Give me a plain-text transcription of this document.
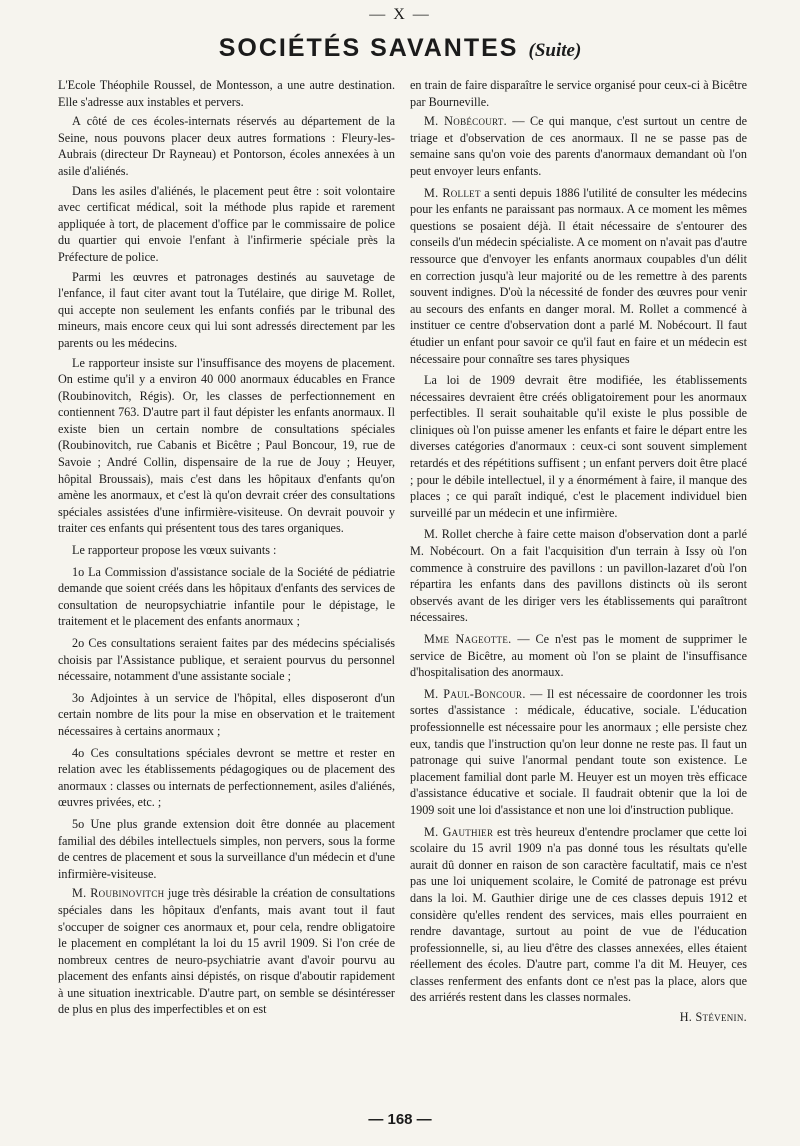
— X —
SOCIÉTÉS SAVANTES (Suite)

L'Ecole Théophile Roussel, de Montesson, a une autre destination. Elle s'adresse aux instables et pervers.

A côté de ces écoles-internats réservés au département de la Seine, nous pouvons placer deux autres formations : Fleury-les-Aubrais (directeur Dr Rayneau) et Pontorson, écoles annexées à un asile d'aliénés.

Dans les asiles d'aliénés, le placement peut être : soit volontaire avec certificat médical, soit la méthode plus rapide et rarement appliquée à tort, de placement d'office par le commissaire de police du quartier qui envoie l'enfant à l'infirmerie spéciale près la Préfecture de police.

Parmi les œuvres et patronages destinés au sauvetage de l'enfance, il faut citer avant tout la Tutélaire, que dirige M. Rollet, qui accepte non seulement les enfants confiés par le tribunal des mineurs, mais encore ceux qui lui sont adressés directement par les parents ou les médecins.

Le rapporteur insiste sur l'insuffisance des moyens de placement. On estime qu'il y a environ 40 000 anormaux éducables en France (Roubinovitch, Régis). Or, les classes de perfectionnement en contiennent 763. D'autre part il faut dépister les enfants anormaux. Il existe bien un certain nombre de consultations spéciales (Roubinovitch, rue Cabanis et Bicêtre ; Paul Boncour, 19, rue de Savoie ; André Collin, dispensaire de la rue de Jouy ; Heuyer, hôpital Broussais), mais c'est dans les hôpitaux d'enfants qu'on amène les anormaux, et c'est là qu'on devrait créer des consultations spéciales assistées d'une infirmière-visiteuse. On devrait pouvoir y traiter ces enfants qui présentent tous des tares organiques.

Le rapporteur propose les vœux suivants :

1o La Commission d'assistance sociale de la Société de pédiatrie demande que soient créés dans les hôpitaux d'enfants des services de consultation de neuropsychiatrie infantile pour le dépistage, le traitement et le placement des enfants anormaux ;

2o Ces consultations seraient faites par des médecins spécialisés choisis par l'Assistance publique, et seraient pourvus du personnel nécessaire, notamment d'une assistante sociale ;

3o Adjointes à un service de l'hôpital, elles disposeront d'un certain nombre de lits pour la mise en observation et le traitement nécessaires à certains anormaux ;

4o Ces consultations spéciales devront se mettre et rester en relation avec les établissements pédagogiques ou de placement des anormaux : classes ou internats de perfectionnement, asiles d'aliénés, œuvres privées, etc. ;

5o Une plus grande extension doit être donnée au placement familial des débiles intellectuels simples, non pervers, sous la forme de centres de placement et sous la surveillance d'un médecin et d'une infirmière-visiteuse.

M. Roubinovitch juge très désirable la création de consultations spéciales dans les hôpitaux d'enfants, mais avant tout il faut s'occuper de soigner ces anormaux et, pour cela, rendre obligatoire le placement en complétant la loi du 15 avril 1909. Si l'on crée de nombreux centres de neuro-psychiatrie avant d'avoir pourvu au placement des enfants ainsi dépistés, on risque d'aboutir rapidement à une situation inextricable. D'autre part, on semble se désintéresser de plus en plus des imperfectibles et on est

en train de faire disparaître le service organisé pour ceux-ci à Bicêtre par Bourneville.

M. Nobécourt. — Ce qui manque, c'est surtout un centre de triage et d'observation de ces anormaux. Il ne se passe pas de semaine sans qu'on voie des parents d'anormaux demandant où l'on peut envoyer leurs enfants.

M. Rollet a senti depuis 1886 l'utilité de consulter les médecins pour les enfants ne paraissant pas normaux. A ce moment les mêmes questions se posaient déjà. Il était nécessaire de s'entourer des conseils d'un médecin spécialiste. A ce moment on n'avait pas d'autre ressource que d'envoyer les enfants anormaux coupables d'un délit en correction jusqu'à leur majorité ou de les remettre à des parents souvent indignes. D'où la nécessité de fonder des œuvres pour venir au secours des enfants en danger moral. M. Rollet a commencé à instituer ce centre d'observation dont a parlé M. Nobécourt. Il faut étudier un enfant pour savoir ce qu'il faut en faire et un médecin est nécessaire pour connaître ses tares physiques

La loi de 1909 devrait être modifiée, les établissements nécessaires devraient être créés obligatoirement pour les anormaux perfectibles. Il serait souhaitable qu'il existe le plus possible de cliniques où l'on puisse amener les enfants et faire le départ entre les diverses catégories d'anormaux : ceux-ci sont souvent simplement retardés et des répétitions suffisent ; un enfant pervers doit être placé ; pour le débile intellectuel, il y a énormément à faire, il manque des places ; ce qui paraît indiqué, c'est le placement individuel bien surveillé par un médecin et une infirmière.

M. Rollet cherche à faire cette maison d'observation dont a parlé M. Nobécourt. On a fait l'acquisition d'un terrain à Issy où l'on commence à construire des pavillons : un pavillon-lazaret d'où l'on répartira les enfants dans des pavillons distincts où ils seront observés avant de les diriger vers les établissements qui paraîtront nécessaires.

Mme Nageotte. — Ce n'est pas le moment de supprimer le service de Bicêtre, au moment où l'on se plaint de l'insuffisance d'hospitalisation des anormaux.

M. Paul-Boncour. — Il est nécessaire de coordonner les trois sortes d'assistance : médicale, éducative, sociale. L'éducation professionnelle est nécessaire pour les anormaux ; elle persiste chez eux, tandis que l'instruction qu'on leur donne ne reste pas. Il faut un patronage qui suive l'anormal pendant toute son existence. Le placement familial dont parle M. Heuyer est un moyen très efficace d'assistance éducative et sociale. Il faudrait obtenir que la loi de 1909 soit une loi d'assistance et non une loi d'instruction publique.

M. Gauthier est très heureux d'entendre proclamer que cette loi scolaire du 15 avril 1909 n'a pas donné tous les résultats qu'elle aurait dû donner en raison de son caractère facultatif, mais ce n'est pas une loi uniquement scolaire, le Comité de patronage est prévu dans la loi. M. Gauthier dirige une de ces classes depuis 1912 et considère qu'elles rendent des services, mais elles pourraient en rendre davantage, surtout au point de vue de l'éducation professionnelle, si, au lieu d'être des classes annexées, elles étaient réellement des écoles. D'autre part, comme l'a dit M. Heuyer, ces classes renferment des enfants dont ce n'est pas la place, alors que des arriérés restent dans les classes normales.

H. Stévenin.

— 168 —
